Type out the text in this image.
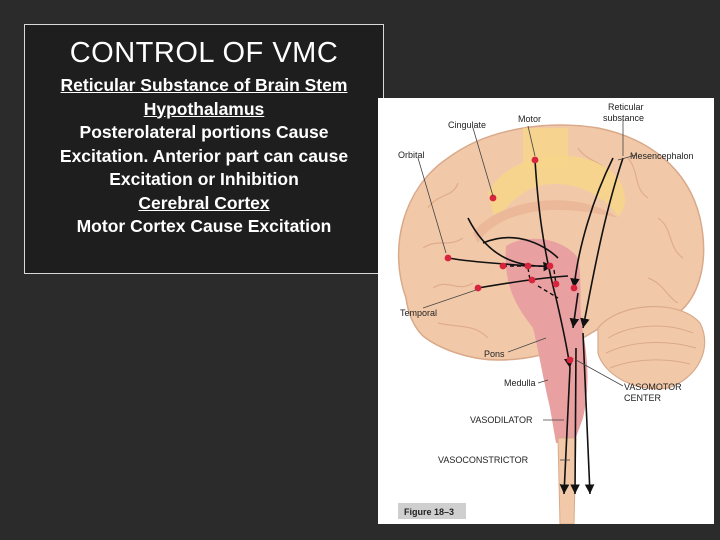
CONTROL OF VMC
Reticular Substance of Brain Stem
Hypothalamus
Posterolateral portions Cause
Excitation. Anterior part can cause
Excitation or Inhibition
Cerebral Cortex
Motor Cortex Cause Excitation
Cingulate
Motor
Reticular
substance
Orbital	Mesencephalon
Temporal
Pons
Medulla	VASOMOTOR
CENTER
VASODILATOR
VASOCONSTRICTOR
Figure 18–3
